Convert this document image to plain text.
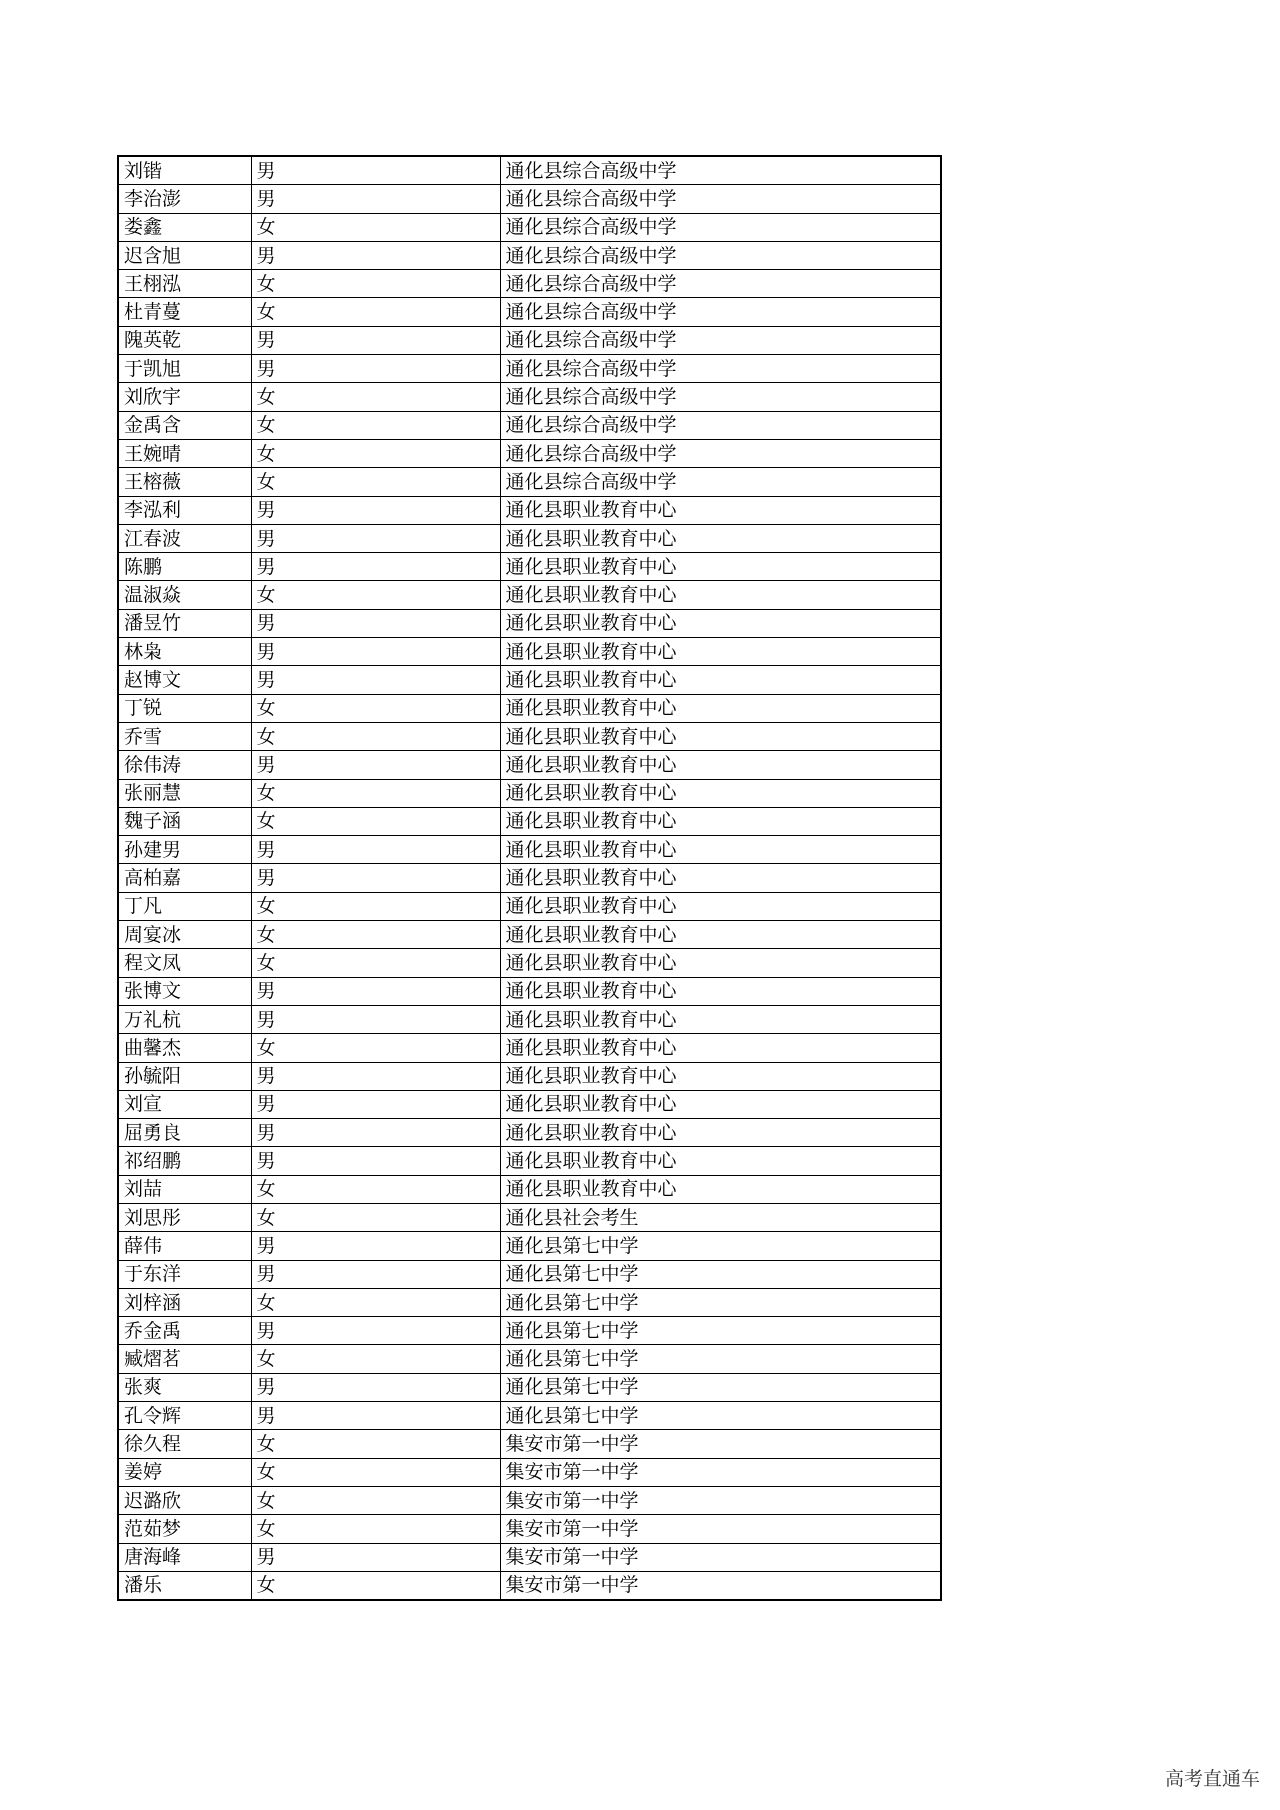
刘锴	男	通化县综合高级中学
李治澎	男	通化县综合高级中学
娄鑫	女	通化县综合高级中学
迟含旭	男	通化县综合高级中学
王栩泓	女	通化县综合高级中学
杜青蔓	女	通化县综合高级中学
隗英乾	男	通化县综合高级中学
于凯旭	男	通化县综合高级中学
刘欣宇	女	通化县综合高级中学
金禹含	女	通化县综合高级中学
王婉晴	女	通化县综合高级中学
王榕薇	女	通化县综合高级中学
李泓利	男	通化县职业教育中心
江春波	男	通化县职业教育中心
陈鹏	男	通化县职业教育中心
温淑焱	女	通化县职业教育中心
潘昱竹	男	通化县职业教育中心
林枭	男	通化县职业教育中心
赵博文	男	通化县职业教育中心
丁锐	女	通化县职业教育中心
乔雪	女	通化县职业教育中心
徐伟涛	男	通化县职业教育中心
张丽慧	女	通化县职业教育中心
魏子涵	女	通化县职业教育中心
孙建男	男	通化县职业教育中心
高柏嘉	男	通化县职业教育中心
丁凡	女	通化县职业教育中心
周宴冰	女	通化县职业教育中心
程文凤	女	通化县职业教育中心
张博文	男	通化县职业教育中心
万礼杭	男	通化县职业教育中心
曲馨杰	女	通化县职业教育中心
孙毓阳	男	通化县职业教育中心
刘宣	男	通化县职业教育中心
屈勇良	男	通化县职业教育中心
祁绍鹏	男	通化县职业教育中心
刘喆	女	通化县职业教育中心
刘思彤	女	通化县社会考生
薛伟	男	通化县第七中学
于东洋	男	通化县第七中学
刘梓涵	女	通化县第七中学
乔金禹	男	通化县第七中学
臧熠茗	女	通化县第七中学
张爽	男	通化县第七中学
孔令辉	男	通化县第七中学
徐久程	女	集安市第一中学
姜婷	女	集安市第一中学
迟潞欣	女	集安市第一中学
范茹梦	女	集安市第一中学
唐海峰	男	集安市第一中学
潘乐	女	集安市第一中学
高考直通车
